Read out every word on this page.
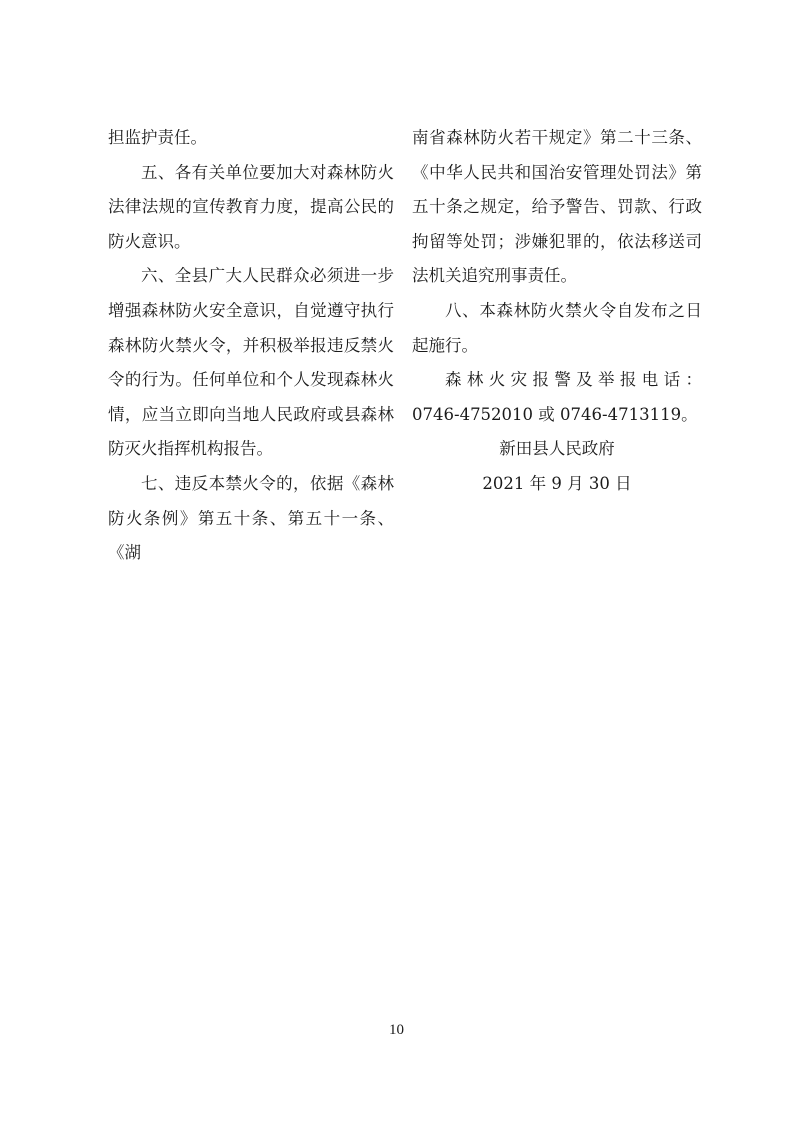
担监护责任。

五、各有关单位要加大对森林防火法律法规的宣传教育力度，提高公民的防火意识。

六、全县广大人民群众必须进一步增强森林防火安全意识，自觉遵守执行森林防火禁火令，并积极举报违反禁火令的行为。任何单位和个人发现森林火情，应当立即向当地人民政府或县森林防灭火指挥机构报告。

七、违反本禁火令的，依据《森林防火条例》第五十条、第五十一条、《湖

南省森林防火若干规定》第二十三条、《中华人民共和国治安管理处罚法》第五十条之规定，给予警告、罚款、行政拘留等处罚；涉嫌犯罪的，依法移送司法机关追究刑事责任。

八、本森林防火禁火令自发布之日起施行。

森林火灾报警及举报电话：

0746-4752010 或 0746-4713119。

新田县人民政府

2021 年 9 月 30 日

10
